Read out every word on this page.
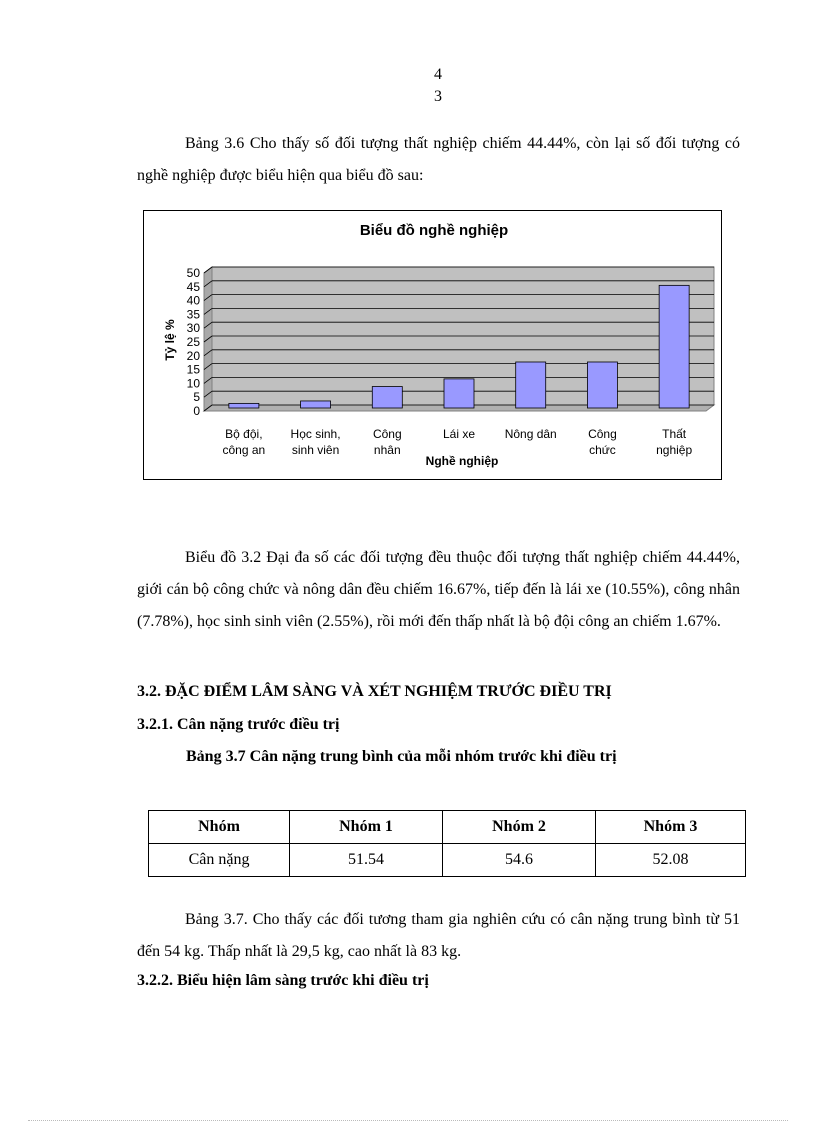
4
3

Bảng 3.6 Cho thấy số đối tượng thất nghiệp chiếm 44.44%, còn lại số đối tượng có nghề nghiệp được biểu hiện qua biểu đồ sau:

Biểu đồ nghề nghiệp
0
5
10
15
20
25
30
35
40
45
50
Tỷ lệ %
Bộ đội,
công an
Học sinh,
sinh viên
Công
nhân
Lái xe Nông dân	Công
chức
Thất
nghiệp
Nghề nghiệp

Biểu đồ 3.2 Đại đa số các đối tượng đều thuộc đối tượng thất nghiệp chiếm 44.44%, giới cán bộ công chức và nông dân đều chiếm 16.67%, tiếp đến là lái xe (10.55%), công nhân (7.78%), học sinh sinh viên (2.55%), rồi mới đến thấp nhất là bộ đội công an chiếm 1.67%.

3.2. ĐẶC ĐIỂM LÂM SÀNG VÀ XÉT NGHIỆM TRƯỚC ĐIỀU TRỊ
3.2.1. Cân nặng trước điều trị
Bảng 3.7 Cân nặng trung bình của mỗi nhóm trước khi điều trị
Nhóm	Nhóm 1	Nhóm 2	Nhóm 3
Cân nặng	51.54	54.6	52.08

Bảng 3.7. Cho thấy các đối tương tham gia nghiên cứu có cân nặng trung bình từ 51 đến 54 kg. Thấp nhất là 29,5 kg, cao nhất là 83 kg.

3.2.2. Biểu hiện lâm sàng trước khi điều trị
